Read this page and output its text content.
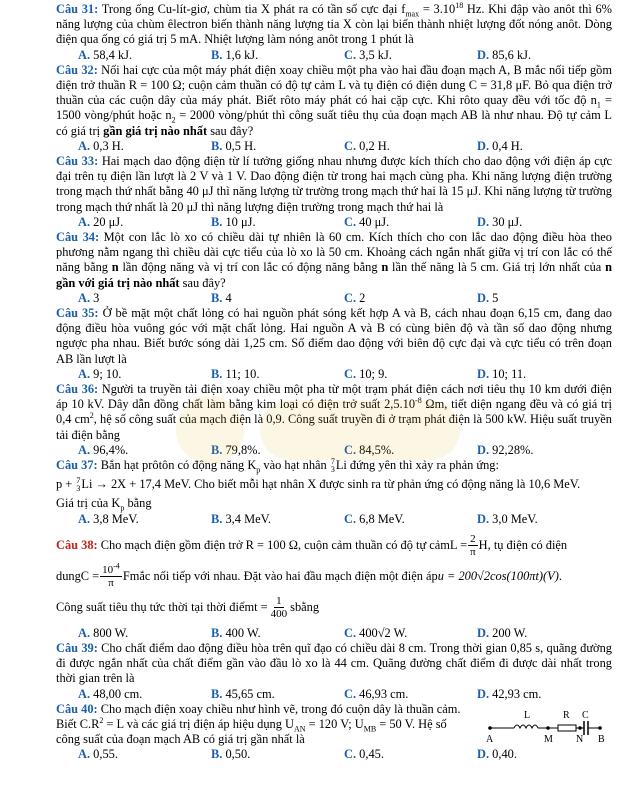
Câu 31: Trong ống Cu-lít-giơ, chùm tia X phát ra có tần số cực đại $f_{max} = 3.10^{18}$ Hz. Khi đập vào anôt thì 6% năng lượng của chùm êlectron biến thành năng lượng tia X còn lại biến thành nhiệt lượng đốt nóng anôt. Dòng điện qua ống có giá trị 5 mA. Nhiệt lượng làm nóng anôt trong 1 phút là
A. 58,4 kJ.	B. 1,6 kJ.	C. 3,5 kJ.	D. 85,6 kJ.
Câu 32: Nối hai cực của một máy phát điện xoay chiều một pha vào hai đầu đoạn mạch A, B mắc nối tiếp gồm điện trở thuần R = 100 Ω; cuộn cảm thuần có độ tự cảm L và tụ điện có điện dung C = 31,8 μF. Bỏ qua điện trở thuần của các cuộn dây của máy phát. Biết rôto máy phát có hai cặp cực. Khi rôto quay đều với tốc độ $n_1 = 1500$ vòng/phút hoặc $n_2 = 2000$ vòng/phút thì công suất tiêu thụ của đoạn mạch AB là như nhau. Độ tự cảm L có giá trị gần giá trị nào nhất sau đây?
A. 0,3 H.	B. 0,5 H.	C. 0,2 H.	D. 0,4 H.
Câu 33: Hai mạch dao động điện từ lí tưởng giống nhau nhưng được kích thích cho dao động với điện áp cực đại trên tụ điện lần lượt là 2 V và 1 V. Dao động điện từ trong hai mạch cùng pha. Khi năng lượng điện trường trong mạch thứ nhất bằng 40 μJ thì năng lượng từ trường trong mạch thứ hai là 15 μJ. Khi năng lượng từ trường trong mạch thứ nhất là 20 μJ thì năng lượng điện trường trong mạch thứ hai là
A. 20 μJ.	B. 10 μJ.	C. 40 μJ.	D. 30 μJ.
Câu 34: Một con lắc lò xo có chiều dài tự nhiên là 60 cm. Kích thích cho con lắc dao động điều hòa theo phương nằm ngang thì chiều dài cực tiểu của lò xo là 50 cm. Khoảng cách ngắn nhất giữa vị trí con lắc có thế năng bằng n lần động năng và vị trí con lắc có động năng bằng n lần thế năng là 5 cm. Giá trị lớn nhất của n gần với giá trị nào nhất sau đây?
A. 3	B. 4	C. 2	D. 5
Câu 35: Ở bề mặt một chất lỏng có hai nguồn phát sóng kết hợp A và B, cách nhau đoạn 6,15 cm, đang dao động điều hòa vuông góc với mặt chất lỏng. Hai nguồn A và B có cùng biên độ và tần số dao động nhưng ngược pha nhau. Biết bước sóng dài 1,25 cm. Số điểm dao động với biên độ cực đại và cực tiểu có trên đoạn AB lần lượt là
A. 9; 10.	B. 11; 10.	C. 10; 9.	D. 10; 11.
Câu 36: Người ta truyền tải điện xoay chiều một pha từ một trạm phát điện cách nơi tiêu thụ 10 km dưới điện áp 10 kV. Dây dẫn đồng chất làm bằng kim loại có điện trở suất $2,5.10^{-8}$ Ωm, tiết diện ngang đều và có giá trị 0,4 $cm^2$, hệ số công suất của mạch điện là 0,9. Công suất truyền đi ở trạm phát điện là 500 kW. Hiệu suất truyền tải điện bằng
A. 96,4%.	B. 79,8%.	C. 84,5%.	D. 92,28%.
Câu 37: Bắn hạt prôtôn có động năng $K_p$ vào hạt nhân 7
3 Li đứng yên thì xảy ra phản ứng:
p + 7
3 Li → 2X + 17,4 MeV. Cho biết mỗi hạt nhân X được sinh ra từ phản ứng có động năng là 10,6 MeV.
Giá trị của $K_p$ bằng
A. 3,8 MeV.	B. 3,4 MeV.	C. 6,8 MeV.	D. 3,0 MeV.
Câu 38: Cho mạch điện gồm điện trở R = 100 Ω, cuộn cảm thuần có độ tự cảm $L = \frac{2}{\pi}$ H , tụ điện có điện
dung $C = \frac{10^{-4}}{\pi}$ F mắc nối tiếp với nhau. Đặt vào hai đầu mạch điện một điện áp u = 200√2cos(100πt)(V) .
Công suất tiêu thụ tức thời tại thời điểm $t = \frac{1}{400}$ s bằng
A. 800 W.	B. 400 W.	C. 400√2 W.	D. 200 W.
Câu 39: Cho chất điểm dao động điều hòa trên quĩ đạo có chiều dài 8 cm. Trong thời gian 0,85 s, quãng đường đi được ngắn nhất của chất điểm gần vào đầu lò xo là 44 cm. Quãng đường chất điểm đi được dài nhất trong thời gian trên là
A. 48,00 cm.	B. 45,65 cm.	C. 46,93 cm.	D. 42,93 cm.
Câu 40: Cho mạch điện xoay chiều như hình vẽ, trong đó cuộn dây là thuần cảm.
Biết $C.R^2 = L$ và các giá trị điện áp hiệu dụng $U_{AN} = 120$ V; $U_{MB} = 50$ V. Hệ số
công suất của đoạn mạch AB có giá trị gần nhất là
L	R C
A	M N B
A. 0,55.	B. 0,50.	C. 0,45.	D. 0,40.
